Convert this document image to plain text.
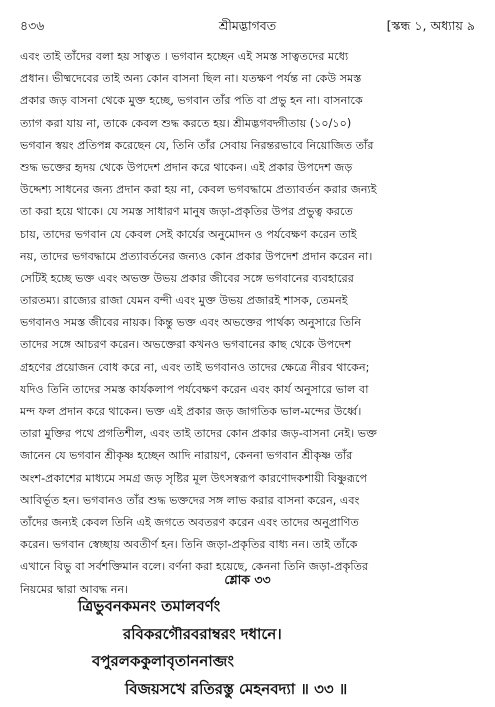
৪৩৬	শ্রীমদ্ভাগবত	[স্কন্ধ ১, অধ্যায় ৯
এবং তাই তাঁদের বলা হয় সাত্বত । ভগবান হচ্ছেন এই সমস্ত সাত্বতদের মধ্যে
প্রধান। ভীষ্মদেবের তাই অন্য কোন বাসনা ছিল না। যতক্ষণ পর্যন্ত না কেউ সমস্ত
প্রকার জড় বাসনা থেকে মুক্ত হচ্ছে, ভগবান তাঁর পতি বা প্রভু হন না। বাসনাকে
ত্যাগ করা যায় না, তাকে কেবল শুদ্ধ করতে হয়। শ্রীমদ্ভগবদ্গীতায় (১০/১০)
ভগবান স্বয়ং প্রতিপন্ন করেছেন যে, তিনি তাঁর সেবায় নিরন্তরভাবে নিয়োজিত তাঁর
শুদ্ধ ভক্তের হৃদয় থেকে উপদেশ প্রদান করে থাকেন। এই প্রকার উপদেশ জড়
উদ্দেশ্য সাধনের জন্য প্রদান করা হয় না, কেবল ভগবদ্ধামে প্রত্যাবর্তন করার জন্যই
তা করা হয়ে থাকে। যে সমস্ত সাধারণ মানুষ জড়া-প্রকৃতির উপর প্রভুত্ব করতে
চায়, তাদের ভগবান যে কেবল সেই কার্যের অনুমোদন ও পর্যবেক্ষণ করেন তাই
নয়, তাদের ভগবদ্ধামে প্রত্যাবর্তনের জন্যও কোন প্রকার উপদেশ প্রদান করেন না।
সেটিই হচ্ছে ভক্ত এবং অভক্ত উভয় প্রকার জীবের সঙ্গে ভগবানের ব্যবহারের
তারতম্য। রাজ্যের রাজা যেমন বন্দী এবং মুক্ত উভয় প্রজারই শাসক, তেমনই
ভগবানও সমস্ত জীবের নায়ক। কিন্তু ভক্ত এবং অভক্তের পার্থক্য অনুসারে তিনি
তাদের সঙ্গে আচরণ করেন। অভক্তেরা কখনও ভগবানের কাছ থেকে উপদেশ
গ্রহণের প্রয়োজন বোধ করে না, এবং তাই ভগবানও তাদের ক্ষেত্রে নীরব থাকেন;
যদিও তিনি তাদের সমস্ত কার্যকলাপ পর্যবেক্ষণ করেন এবং কার্য অনুসারে ভাল বা
মন্দ ফল প্রদান করে থাকেন। ভক্ত এই প্রকার জড় জাগতিক ভাল-মন্দের উর্ধ্বে।
তারা মুক্তির পথে প্রগতিশীল, এবং তাই তাদের কোন প্রকার জড়-বাসনা নেই। ভক্ত
জানেন যে ভগবান শ্রীকৃষ্ণ হচ্ছেন আদি নারায়ণ, কেননা ভগবান শ্রীকৃষ্ণ তাঁর
অংশ-প্রকাশের মাধ্যমে সমগ্র জড় সৃষ্টির মূল উৎসস্বরূপ কারণোদকশায়ী বিষ্ণুরূপে
আবির্ভূত হন। ভগবানও তাঁর শুদ্ধ ভক্তদের সঙ্গ লাভ করার বাসনা করেন, এবং
তাঁদের জন্যই কেবল তিনি এই জগতে অবতরণ করেন এবং তাদের অনুপ্রাণিত
করেন। ভগবান স্বেচ্ছায় অবতীর্ণ হন। তিনি জড়া-প্রকৃতির বাধ্য নন। তাই তাঁকে
এখানে বিভু বা সর্বশক্তিমান বলে। বর্ণনা করা হয়েছে, কেননা তিনি জড়া-প্রকৃতির
নিয়মের দ্বারা আবদ্ধ নন।
শ্লোক ৩৩
ত্রিভুবনকমনং তমালবর্ণং
রবিকরগৌরবরাম্বরং দধানে।
বপুরলককুলাবৃতাননাব্জং
বিজয়সখে রতিরস্তু মেহনবদ্যা ॥ ৩৩ ॥
